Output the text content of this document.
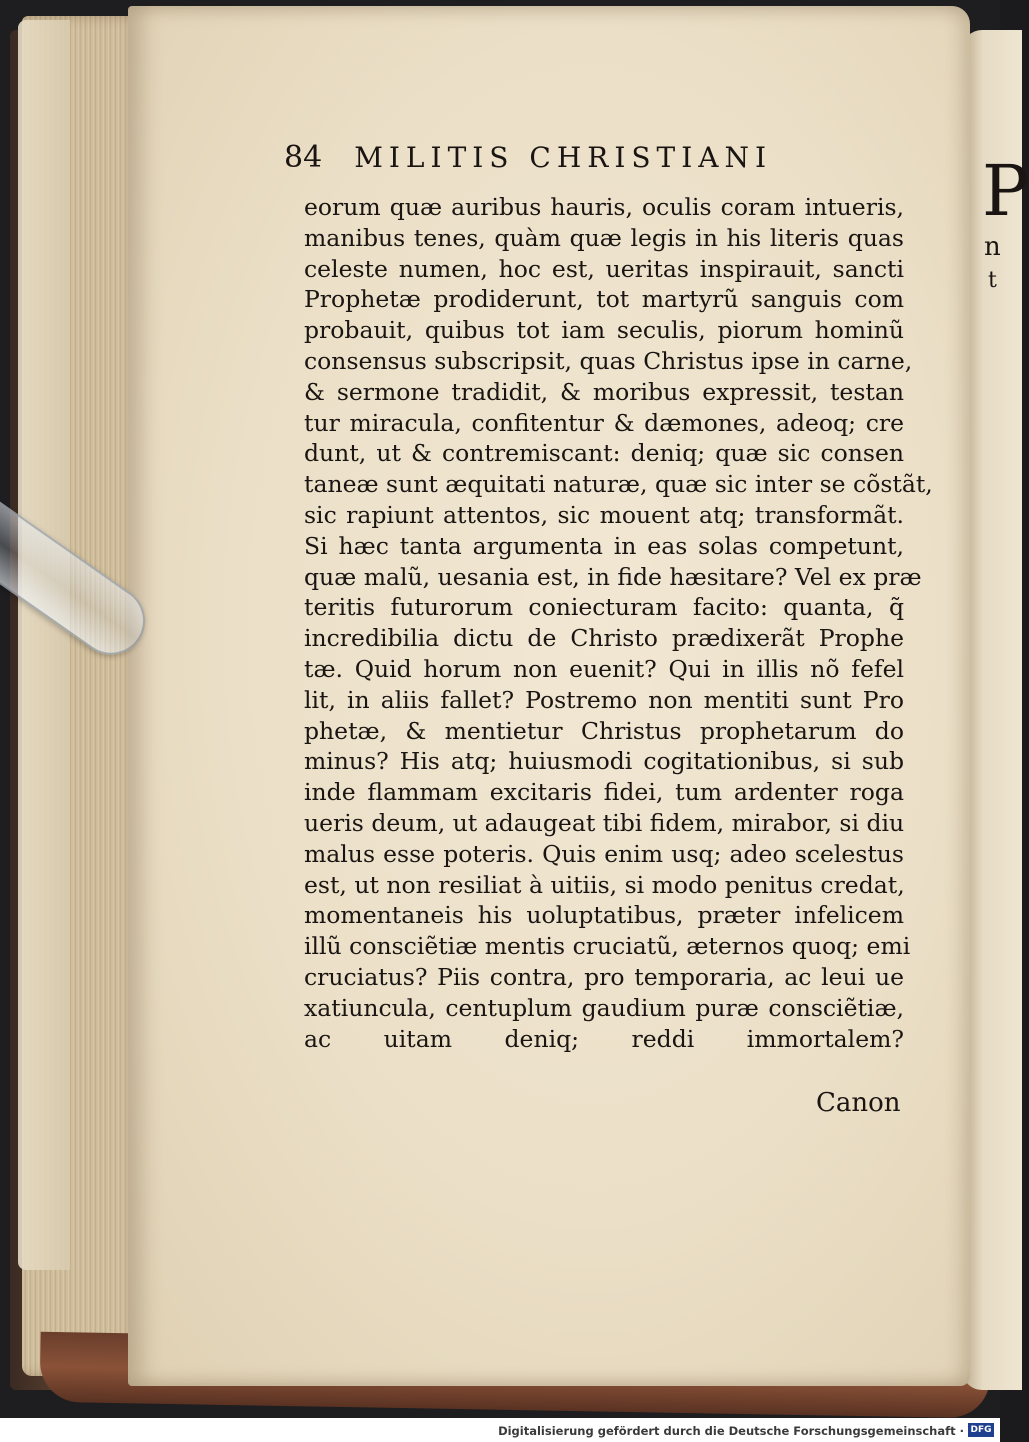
P
n
t
84 MILITIS CHRISTIANI
eorum quæ auribus hauris, oculis coram intueris,
manibus tenes, quàm quæ legis in his literis quas
celeste numen, hoc est, ueritas inspirauit, sancti
Prophetæ prodiderunt, tot martyrũ sanguis com
probauit, quibus tot iam seculis, piorum hominũ
consensus subscripsit, quas Christus ipse in carne,
& sermone tradidit, & moribus expressit, testan
tur miracula, confitentur & dæmones, adeoq; cre
dunt, ut & contremiscant: deniq; quæ sic consen
taneæ sunt æquitati naturæ, quæ sic inter se cõstãt,
sic rapiunt attentos, sic mouent atq; transformãt.
Si hæc tanta argumenta in eas solas competunt,
quæ malũ, uesania est, in fide hæsitare? Vel ex præ
teritis futurorum coniecturam facito: quanta, q̃
incredibilia dictu de Christo prædixerãt Prophe
tæ. Quid horum non euenit? Qui in illis nõ fefel
lit, in aliis fallet? Postremo non mentiti sunt Pro
phetæ, & mentietur Christus prophetarum do
minus? His atq; huiusmodi cogitationibus, si sub
inde flammam excitaris fidei, tum ardenter roga
ueris deum, ut adaugeat tibi fidem, mirabor, si diu
malus esse poteris. Quis enim usq; adeo scelestus
est, ut non resiliat à uitiis, si modo penitus credat,
momentaneis his uoluptatibus, præter infelicem
illũ consciẽtiæ mentis cruciatũ, æternos quoq; emi
cruciatus? Piis contra, pro temporaria, ac leui ue
xatiuncula, centuplum gaudium puræ consciẽtiæ,
ac uitam deniq; reddi immortalem?
Canon
Digitalisierung gefördert durch die Deutsche Forschungsgemeinschaft · DFG
